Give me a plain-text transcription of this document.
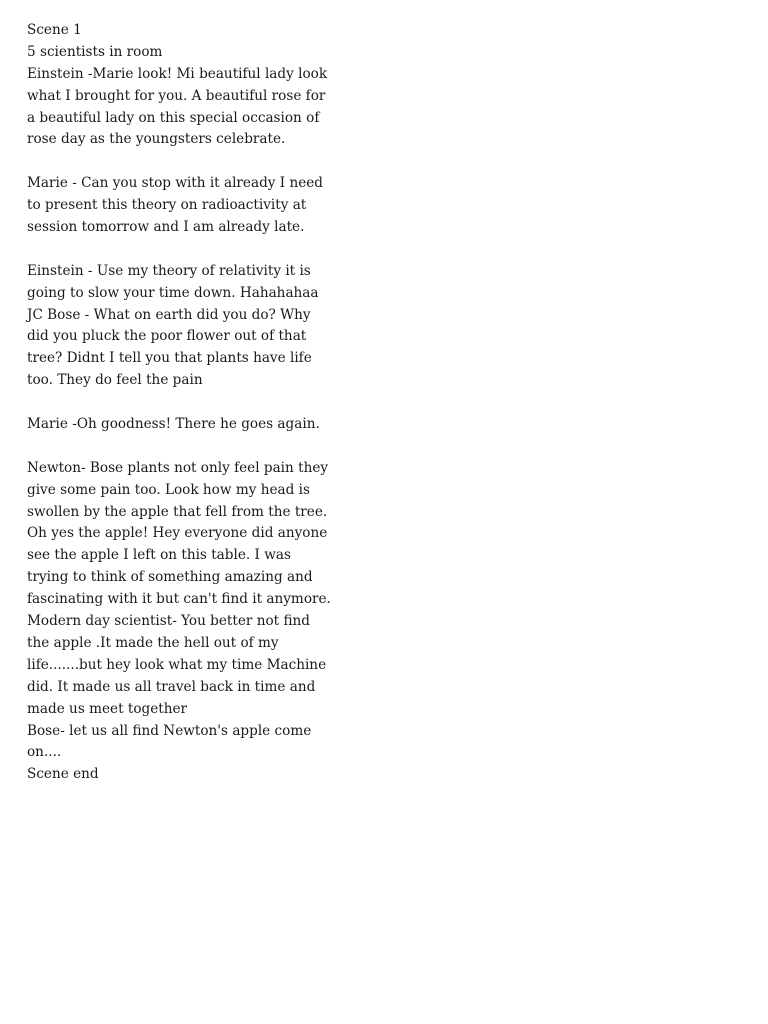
Scene 1
5 scientists in room
Einstein -Marie look! Mi beautiful lady look
what I brought for you. A beautiful rose for
a beautiful lady on this special occasion of
rose day as the youngsters celebrate.
Marie - Can you stop with it already I need
to present this theory on radioactivity at
session tomorrow and I am already late.
Einstein - Use my theory of relativity it is
going to slow your time down. Hahahahaa
JC Bose - What on earth did you do? Why
did you pluck the poor flower out of that
tree? Didnt I tell you that plants have life
too. They do feel the pain
Marie -Oh goodness! There he goes again.
Newton- Bose plants not only feel pain they
give some pain too. Look how my head is
swollen by the apple that fell from the tree.
Oh yes the apple! Hey everyone did anyone
see the apple I left on this table. I was
trying to think of something amazing and
fascinating with it but can't find it anymore.
Modern day scientist- You better not find
the apple .It made the hell out of my
life.......but hey look what my time Machine
did. It made us all travel back in time and
made us meet together
Bose- let us all find Newton's apple come
on....
Scene end
